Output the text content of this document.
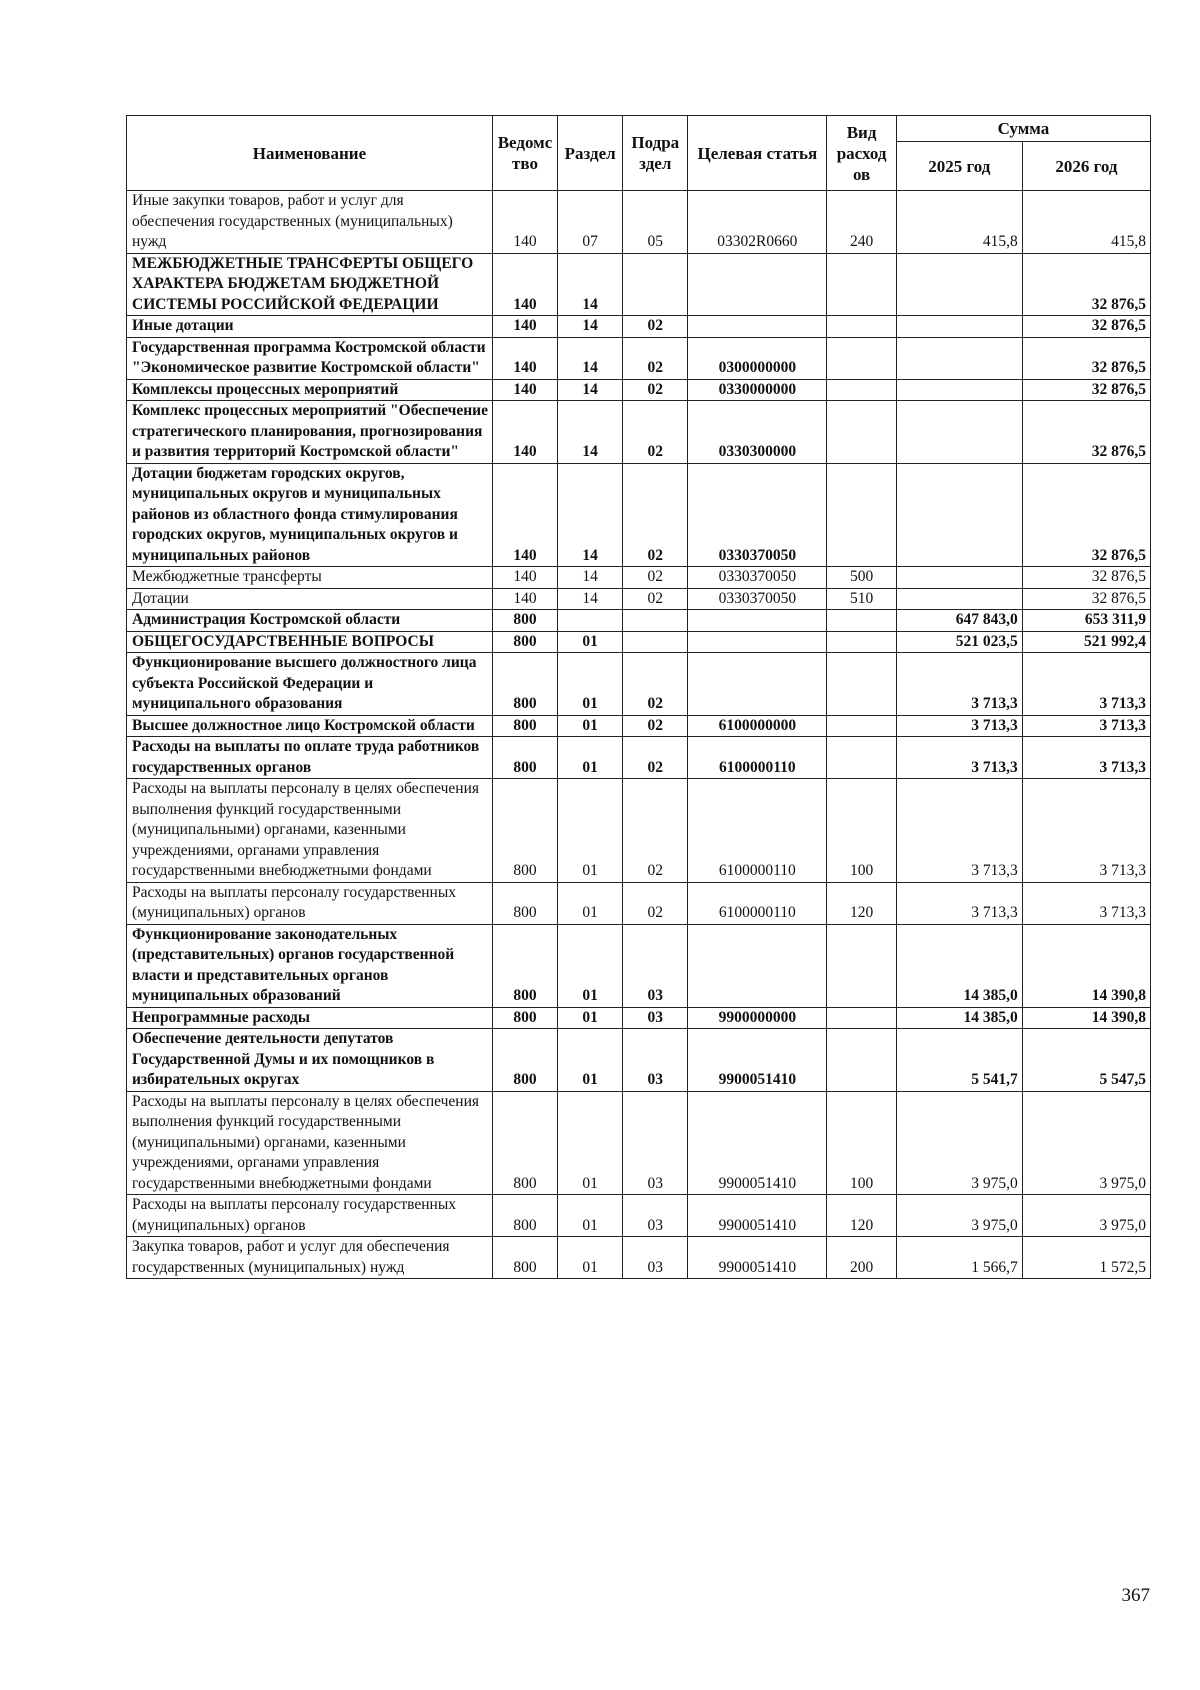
Наименование	Ведомс тво	Раздел	Подра здел	Целевая статья	Вид расход ов	Сумма	
						2025 год	2026 год
Иные закупки товаров, работ и услуг для обеспечения государственных (муниципальных) нужд	140	07	05	03302R0660	240	415,8	415,8
МЕЖБЮДЖЕТНЫЕ ТРАНСФЕРТЫ ОБЩЕГО ХАРАКТЕРА БЮДЖЕТАМ БЮДЖЕТНОЙ СИСТЕМЫ РОССИЙСКОЙ ФЕДЕРАЦИИ	140	14					32 876,5
Иные дотации	140	14	02				32 876,5
Государственная программа Костромской области "Экономическое развитие Костромской области"	140	14	02	0300000000			32 876,5
Комплексы процессных мероприятий	140	14	02	0330000000			32 876,5
Комплекс процессных мероприятий "Обеспечение стратегического планирования, прогнозирования и развития территорий Костромской области"	140	14	02	0330300000			32 876,5
Дотации бюджетам городских округов, муниципальных округов и муниципальных районов из областного фонда стимулирования городских округов, муниципальных округов и муниципальных районов	140	14	02	0330370050			32 876,5
Межбюджетные трансферты	140	14	02	0330370050	500		32 876,5
Дотации	140	14	02	0330370050	510		32 876,5
Администрация Костромской области	800					647 843,0	653 311,9
ОБЩЕГОСУДАРСТВЕННЫЕ ВОПРОСЫ	800	01				521 023,5	521 992,4
Функционирование высшего должностного лица субъекта Российской Федерации и муниципального образования	800	01	02			3 713,3	3 713,3
Высшее должностное лицо Костромской области	800	01	02	6100000000		3 713,3	3 713,3
Расходы на выплаты по оплате труда работников государственных органов	800	01	02	6100000110		3 713,3	3 713,3
Расходы на выплаты персоналу в целях обеспечения выполнения функций государственными (муниципальными) органами, казенными учреждениями, органами управления государственными внебюджетными фондами	800	01	02	6100000110	100	3 713,3	3 713,3
Расходы на выплаты персоналу государственных (муниципальных) органов	800	01	02	6100000110	120	3 713,3	3 713,3
Функционирование законодательных (представительных) органов государственной власти и представительных органов муниципальных образований	800	01	03			14 385,0	14 390,8
Непрограммные расходы	800	01	03	9900000000		14 385,0	14 390,8
Обеспечение деятельности депутатов Государственной Думы и их помощников в избирательных округах	800	01	03	9900051410		5 541,7	5 547,5
Расходы на выплаты персоналу в целях обеспечения выполнения функций государственными (муниципальными) органами, казенными учреждениями, органами управления государственными внебюджетными фондами	800	01	03	9900051410	100	3 975,0	3 975,0
Расходы на выплаты персоналу государственных (муниципальных) органов	800	01	03	9900051410	120	3 975,0	3 975,0
Закупка товаров, работ и услуг для обеспечения государственных (муниципальных) нужд	800	01	03	9900051410	200	1 566,7	1 572,5
367
